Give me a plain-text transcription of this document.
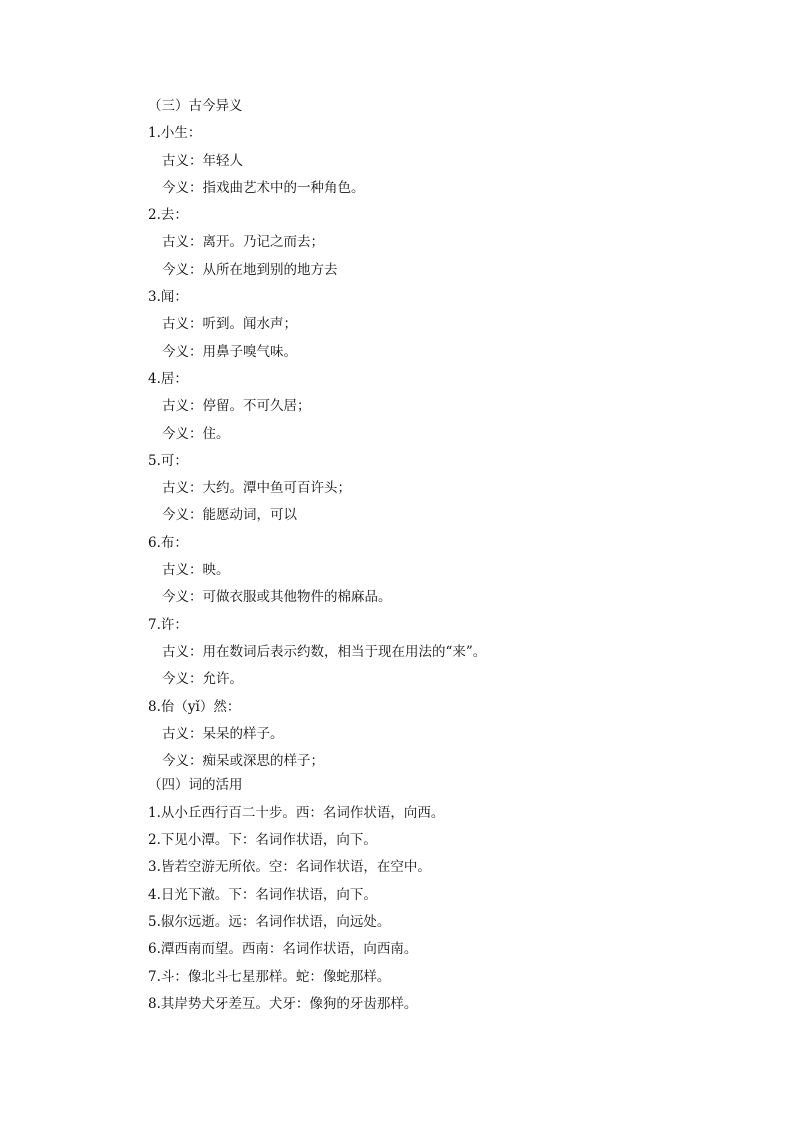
（三）古今异义
1.小生：
古义：年轻人
今义：指戏曲艺术中的一种角色。
2.去：
古义：离开。乃记之而去；
今义：从所在地到别的地方去
3.闻：
古义：听到。闻水声；
今义：用鼻子嗅气味。
4.居：
古义：停留。不可久居；
今义：住。
5.可：
古义：大约。潭中鱼可百许头；
今义：能愿动词，可以
6.布：
古义：映。
今义：可做衣服或其他物件的棉麻品。
7.许：
古义：用在数词后表示约数，相当于现在用法的“来”。
今义：允许。
8.佁（yǐ）然：
古义：呆呆的样子。
今义：痴呆或深思的样子；
（四）词的活用
1.从小丘西行百二十步。西：名词作状语，向西。
2.下见小潭。下：名词作状语，向下。
3.皆若空游无所依。空：名词作状语，在空中。
4.日光下澈。下：名词作状语，向下。
5.俶尔远逝。远：名词作状语，向远处。
6.潭西南而望。西南：名词作状语，向西南。
7.斗：像北斗七星那样。蛇：像蛇那样。
8.其岸势犬牙差互。犬牙：像狗的牙齿那样。
